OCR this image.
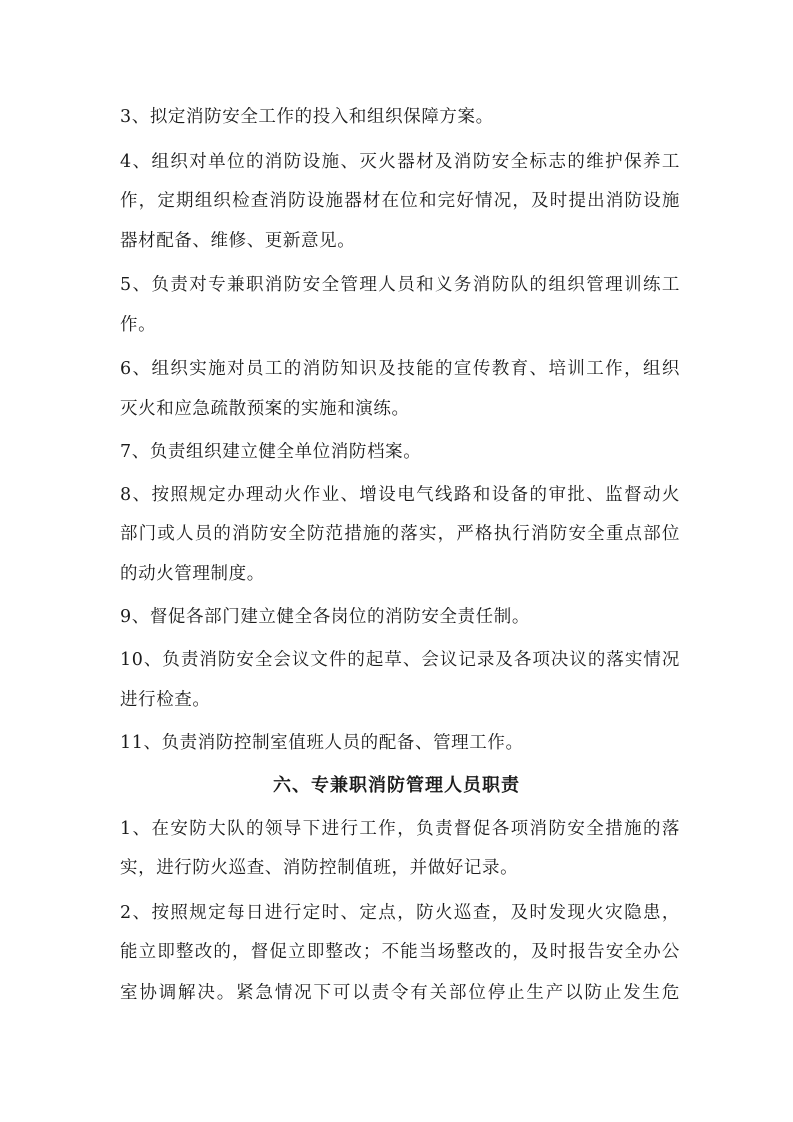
3、拟定消防安全工作的投入和组织保障方案。
4、组织对单位的消防设施、灭火器材及消防安全标志的维护保养工
作，定期组织检查消防设施器材在位和完好情况，及时提出消防设施
器材配备、维修、更新意见。
5、负责对专兼职消防安全管理人员和义务消防队的组织管理训练工
作。
6、组织实施对员工的消防知识及技能的宣传教育、培训工作，组织
灭火和应急疏散预案的实施和演练。
7、负责组织建立健全单位消防档案。
8、按照规定办理动火作业、增设电气线路和设备的审批、监督动火
部门或人员的消防安全防范措施的落实，严格执行消防安全重点部位
的动火管理制度。
9、督促各部门建立健全各岗位的消防安全责任制。
10、负责消防安全会议文件的起草、会议记录及各项决议的落实情况
进行检查。
11、负责消防控制室值班人员的配备、管理工作。
六、专兼职消防管理人员职责
1、在安防大队的领导下进行工作，负责督促各项消防安全措施的落
实，进行防火巡查、消防控制值班，并做好记录。
2、按照规定每日进行定时、定点，防火巡查，及时发现火灾隐患，
能立即整改的，督促立即整改；不能当场整改的，及时报告安全办公
室协调解决。紧急情况下可以责令有关部位停止生产以防止发生危
